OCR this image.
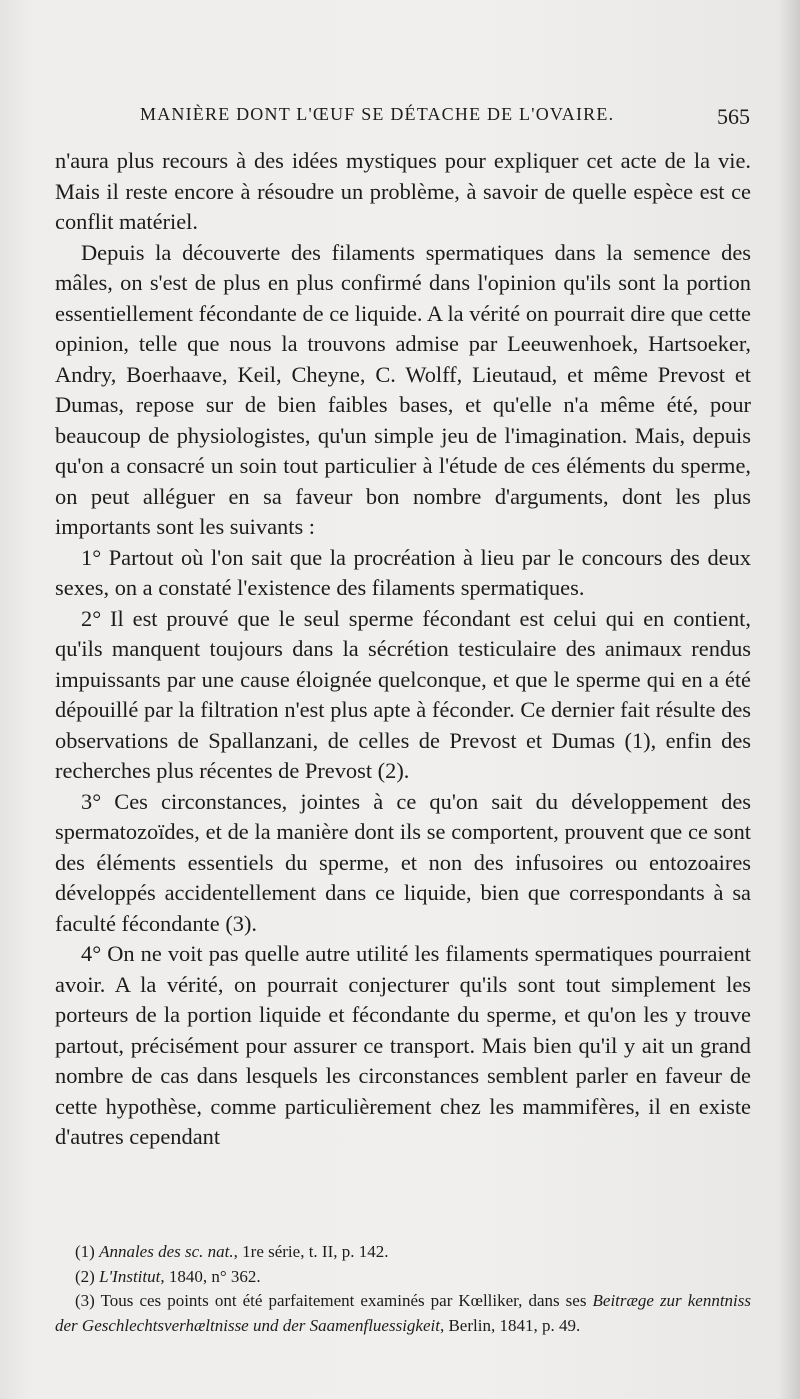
MANIÈRE DONT L'ŒUF SE DÉTACHE DE L'OVAIRE.	565

n'aura plus recours à des idées mystiques pour expliquer cet acte de la vie. Mais il reste encore à résoudre un problème, à savoir de quelle espèce est ce conflit matériel.

Depuis la découverte des filaments spermatiques dans la semence des mâles, on s'est de plus en plus confirmé dans l'opinion qu'ils sont la portion essentiellement fécondante de ce liquide. A la vérité on pourrait dire que cette opinion, telle que nous la trouvons admise par Leeuwenhoek, Hartsoeker, Andry, Boerhaave, Keil, Cheyne, C. Wolff, Lieutaud, et même Prevost et Dumas, repose sur de bien faibles bases, et qu'elle n'a même été, pour beaucoup de physiologistes, qu'un simple jeu de l'imagination. Mais, depuis qu'on a consacré un soin tout particulier à l'étude de ces éléments du sperme, on peut alléguer en sa faveur bon nombre d'arguments, dont les plus importants sont les suivants :

1° Partout où l'on sait que la procréation à lieu par le concours des deux sexes, on a constaté l'existence des filaments spermatiques.

2° Il est prouvé que le seul sperme fécondant est celui qui en contient, qu'ils manquent toujours dans la sécrétion testiculaire des animaux rendus impuissants par une cause éloignée quelconque, et que le sperme qui en a été dépouillé par la filtration n'est plus apte à féconder. Ce dernier fait résulte des observations de Spallanzani, de celles de Prevost et Dumas (1), enfin des recherches plus récentes de Prevost (2).

3° Ces circonstances, jointes à ce qu'on sait du développement des spermatozoïdes, et de la manière dont ils se comportent, prouvent que ce sont des éléments essentiels du sperme, et non des infusoires ou entozoaires développés accidentellement dans ce liquide, bien que correspondants à sa faculté fécondante (3).

4° On ne voit pas quelle autre utilité les filaments spermatiques pourraient avoir. A la vérité, on pourrait conjecturer qu'ils sont tout simplement les porteurs de la portion liquide et fécondante du sperme, et qu'on les y trouve partout, précisément pour assurer ce transport. Mais bien qu'il y ait un grand nombre de cas dans lesquels les circonstances semblent parler en faveur de cette hypothèse, comme particulièrement chez les mammifères, il en existe d'autres cependant

(1) Annales des sc. nat., 1re série, t. II, p. 142.

(2) L'Institut, 1840, n° 362.

(3) Tous ces points ont été parfaitement examinés par Kœlliker, dans ses Beitræge zur kenntniss der Geschlechtsverhæltnisse und der Saamenfluessigkeit, Berlin, 1841, p. 49.
